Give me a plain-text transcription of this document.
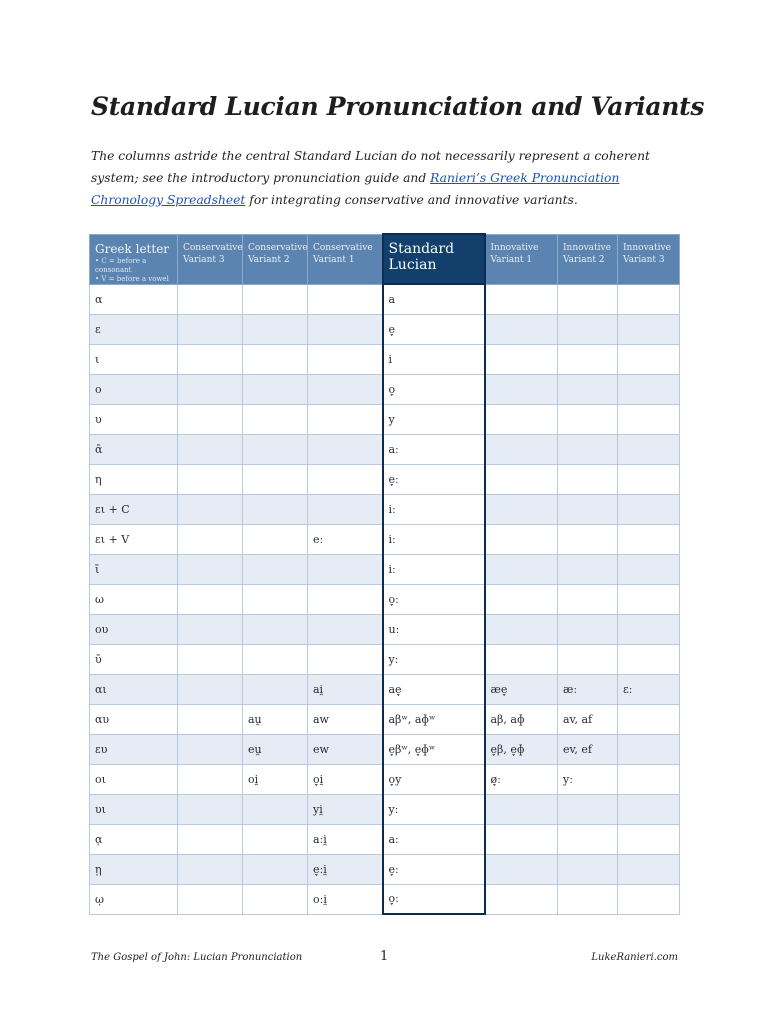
Standard Lucian Pronunciation and Variants
The columns astride the central Standard Lucian do not necessarily represent a coherent system; see the introductory pronunciation guide and Ranieri’s Greek Pronunciation Chronology Spreadsheet for integrating conservative and innovative variants.
Greek letter
• C = before a consonant
• V = before a vowel	Conservative Variant 3	Conservative Variant 2	Conservative Variant 1	Standard Lucian	Innovative Variant 1	Innovative Variant 2	Innovative Variant 3
α				a			
ε				e̞			
ι				i			
ο				o̞			
υ				y			
ᾱ				aː			
η				e̞ː			
ει + C				iː			
ει + V			eː	iː			
ῑ				iː			
ω				o̞ː			
ου				uː			
ῡ				yː			
αι			ai̯	ae̞	æe̞	æː	ɛː
αυ		au̯	aw	aβʷ, aɸʷ	aβ, aɸ	av, af	
ευ		eu̯	ew	e̞βʷ, e̞ɸʷ	e̞β, e̞ɸ	ev, ef	
οι		oi̯	o̞i̯	o̞y	ø̞ː	yː	
υι			yi̯	yː			
ᾳ			aːi̯	aː			
ῃ			e̞ːi̯	e̞ː			
ῳ			oːi̯	o̞ː			
The Gospel of John: Lucian Pronunciation	1	LukeRanieri.com
